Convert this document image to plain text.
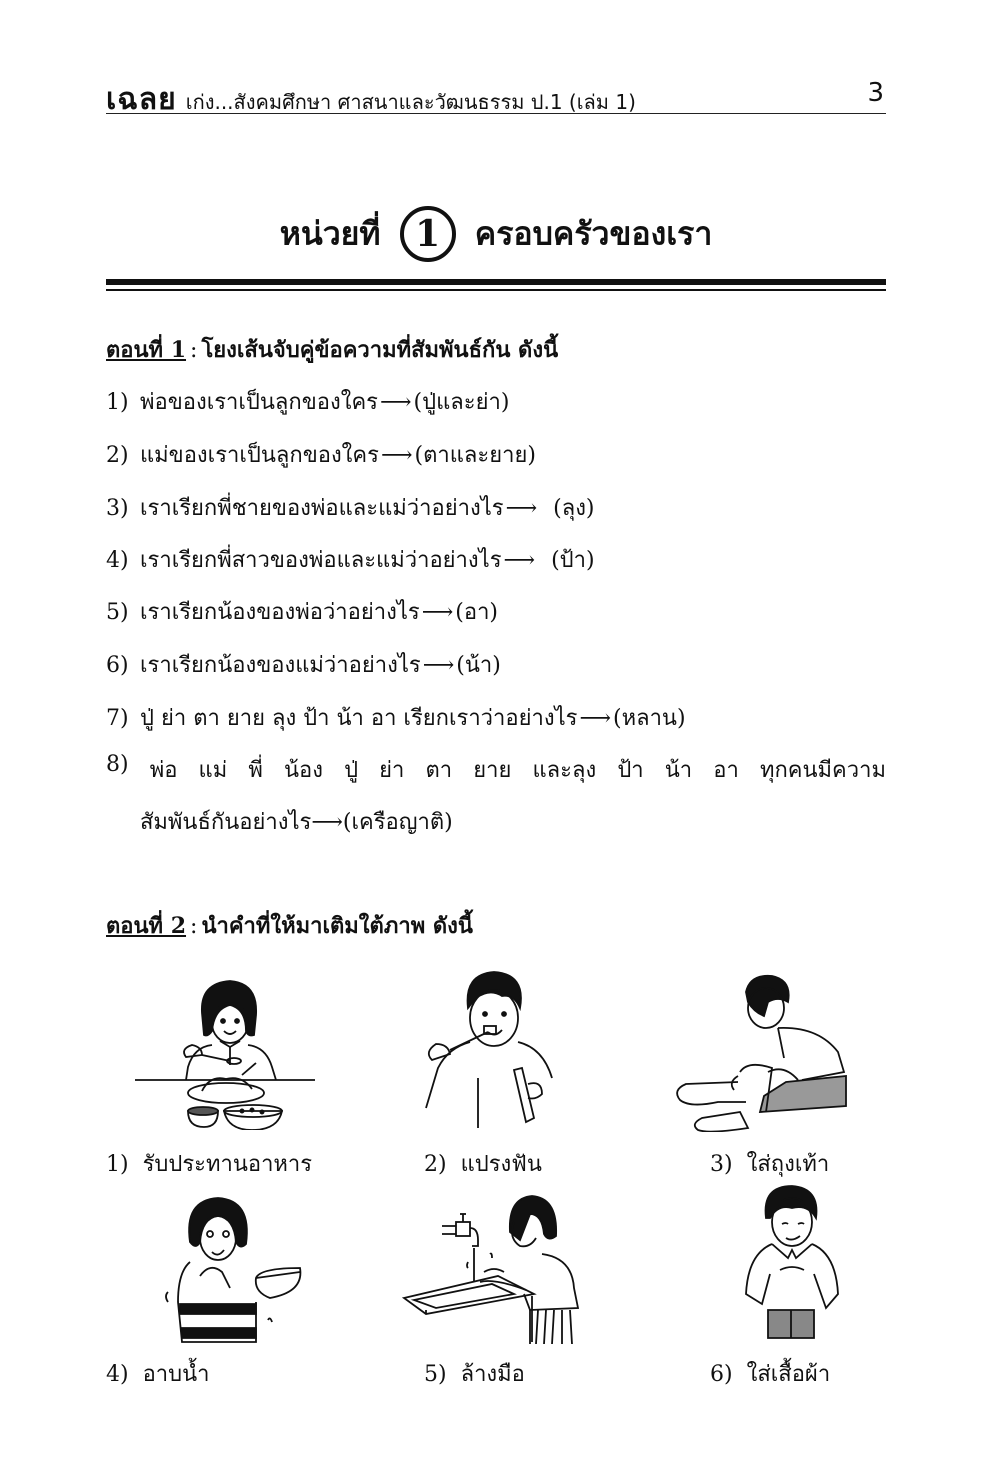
เฉลย เก่ง...สังคมศึกษา ศาสนาและวัฒนธรรม ป.1 (เล่ม 1)	3
หน่วยที่ 1 ครอบครัวของเรา
ตอนที่ 1 : โยงเส้นจับคู่ข้อความที่สัมพันธ์กัน ดังนี้
1) พ่อของเราเป็นลูกของใคร⟶(ปู่และย่า)
2) แม่ของเราเป็นลูกของใคร⟶(ตาและยาย)
3) เราเรียกพี่ชายของพ่อและแม่ว่าอย่างไร⟶ (ลุง)
4) เราเรียกพี่สาวของพ่อและแม่ว่าอย่างไร⟶ (ป้า)
5) เราเรียกน้องของพ่อว่าอย่างไร⟶(อา)
6) เราเรียกน้องของแม่ว่าอย่างไร⟶(น้า)
7) ปู่ ย่า ตา ยาย ลุง ป้า น้า อา เรียกเราว่าอย่างไร⟶(หลาน)
8) พ่อ แม่ พี่ น้อง ปู่ ย่า ตา ยาย และลุง ป้า น้า อา ทุกคนมีความ
สัมพันธ์กันอย่างไร⟶(เครือญาติ)
ตอนที่ 2 : นำคำที่ให้มาเติมใต้ภาพ ดังนี้
1) รับประทานอาหาร	2) แปรงฟัน	3) ใส่ถุงเท้า
4) อาบน้ำ	5) ล้างมือ	6) ใส่เสื้อผ้า
